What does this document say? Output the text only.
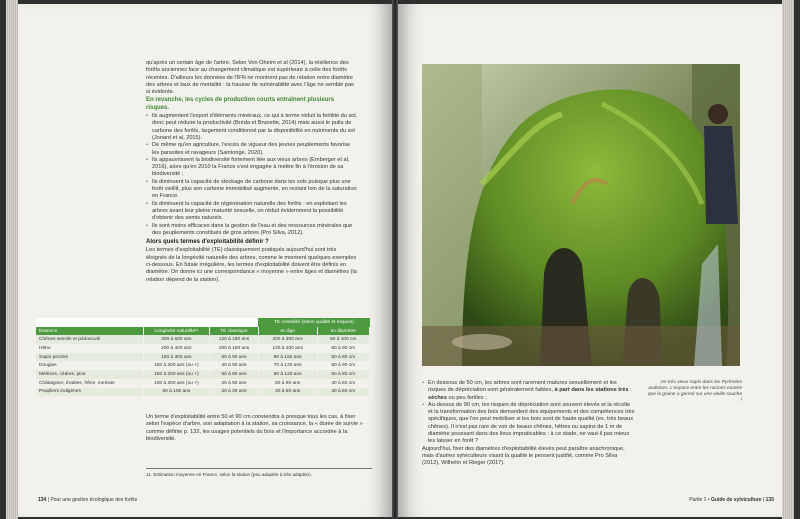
qu'après un certain âge de l'arbre. Selon Von Oheim et al (2014), la résilience des forêts anciennes face au changement climatique est supérieure à celle des forêts récentes. D'ailleurs les données de l'IFN ne montrent pas de relation entre diamètre des arbres et taux de mortalité : la hausse de vulnérabilité avec l'âge ne semble pas si évidente.

En revanche, les cycles de production courts entraînent plusieurs risques.

• Ils augmentent l'export d'éléments minéraux, ce qui à terme réduit la fertilité du sol, donc peut réduire la productivité (Bréda et Brunette, 2014) mais aussi le puits de carbone des forêts, largement conditionné par la disponibilité en nutriments du sol (Jonard et al, 2015).
• De même qu'en agriculture, l'excès de vigueur des jeunes peuplements favorise les parasites et ravageurs (Saintonge, 2020).
• Ils appauvrissent la biodiversité fortement liée aux vieux arbres (Emberger et al, 2016), alors qu'en 2010 la France s'est engagée à mettre fin à l'érosion de sa biodiversité ;
• Ils diminuent la capacité de stockage de carbone dans les sols puisque plus une forêt vieillit, plus son carbone immobilisé augmente, en restant loin de la saturation en France.
• Ils diminuent la capacité de régénération naturelle des forêts : en exploitant les arbres avant leur pleine maturité sexuelle, on réduit évidemment la possibilité d'obtenir des semis naturels.
• Ils sont moins efficaces dans la gestion de l'eau et des ressources minérales que des peuplements constitués de gros arbres (Pro Silva, 2012).

Alors quels termes d'exploitabilité définir ?

Les termes d'exploitabilité (TE) classiquement pratiqués aujourd'hui sont très éloignés de la longévité naturelle des arbres, comme le montrent quelques exemples ci-dessous. En futaie irrégulière, les termes d'exploitabilité doivent être définis en diamètre. On donne ici une correspondance « moyenne » entre âges et diamètres (la relation dépend de la station).

			TE conseillé (selon qualité et risques)	
Essence	Longévité naturelle¹¹	TE classique	en âge	en diamètre
Chênes sessile et pédonculé	300 à 600 ans	120 à 180 ans	200 à 300 ans	60 à 100 cm
Hêtre	200 à 400 ans	100 à 150 ans	120 à 200 ans	60 à 90 cm
Sapin pectiné	150 à 300 ans	50 à 90 ans	80 à 150 ans	50 à 80 cm
Douglas	150 à 200 ans (ou +)	40 à 50 ans	70 à 120 ans	50 à 90 cm
Mélèzes, cèdres, pins	150 à 200 ans (ou +)	50 à 90 ans	60 à 120 ans	50 à 80 cm
Châtaignier, érables, frêne, merisier	100 à 200 ans (ou +)	25 à 50 ans	50 à 90 ans	40 à 60 cm
Peupliers indigènes	60 à 100 ans	20 à 30 ans	40 à 50 ans	40 à 60 cm

Un terme d'exploitabilité entre 50 et 90 cm conviendra à presque tous les cas, à fixer selon l'espèce d'arbre, son adaptation à la station, sa croissance, la « durée de survie » comme définie p. 132, les usages potentiels du bois et l'importance accordée à la biodiversité.

11. Estimation moyenne en France, selon la station (peu adaptée à très adaptée).
134 | Pour une gestion écologique des forêts
Un très vieux sapin dans les Pyrénées audoises. L'espace entre les racines montre que la graine a germé sur une vieille souche !
• En dessous de 50 cm, les arbres sont rarement matures sexuellement et les risques de dépréciation sont généralement faibles, à part dans les stations très sèches ou peu fertiles ;
• Au-dessus de 90 cm, les risques de dépréciation sont souvent élevés et la récolte et la transformation des bois demandent des équipements et des compétences très spécifiques, que l'on peut mobiliser si les bois sont de haute qualité (ex. très beaux chênes). Il n'est pas rare de voir de beaux chênes, hêtres ou sapins de 1 m de diamètre poussant dans des lieux impraticables : à ce stade, ne vaut-il pas mieux les laisser en forêt ?

Aujourd'hui, fixer des diamètres d'exploitabilité élevés peut paraître anachronique, mais d'autres sylviculteurs visant la qualité le pensent justifié, comme Pro Silva (2012), Wilhelm et Rieger (2017).

Partie 1 • Guide de sylviculture | 135
